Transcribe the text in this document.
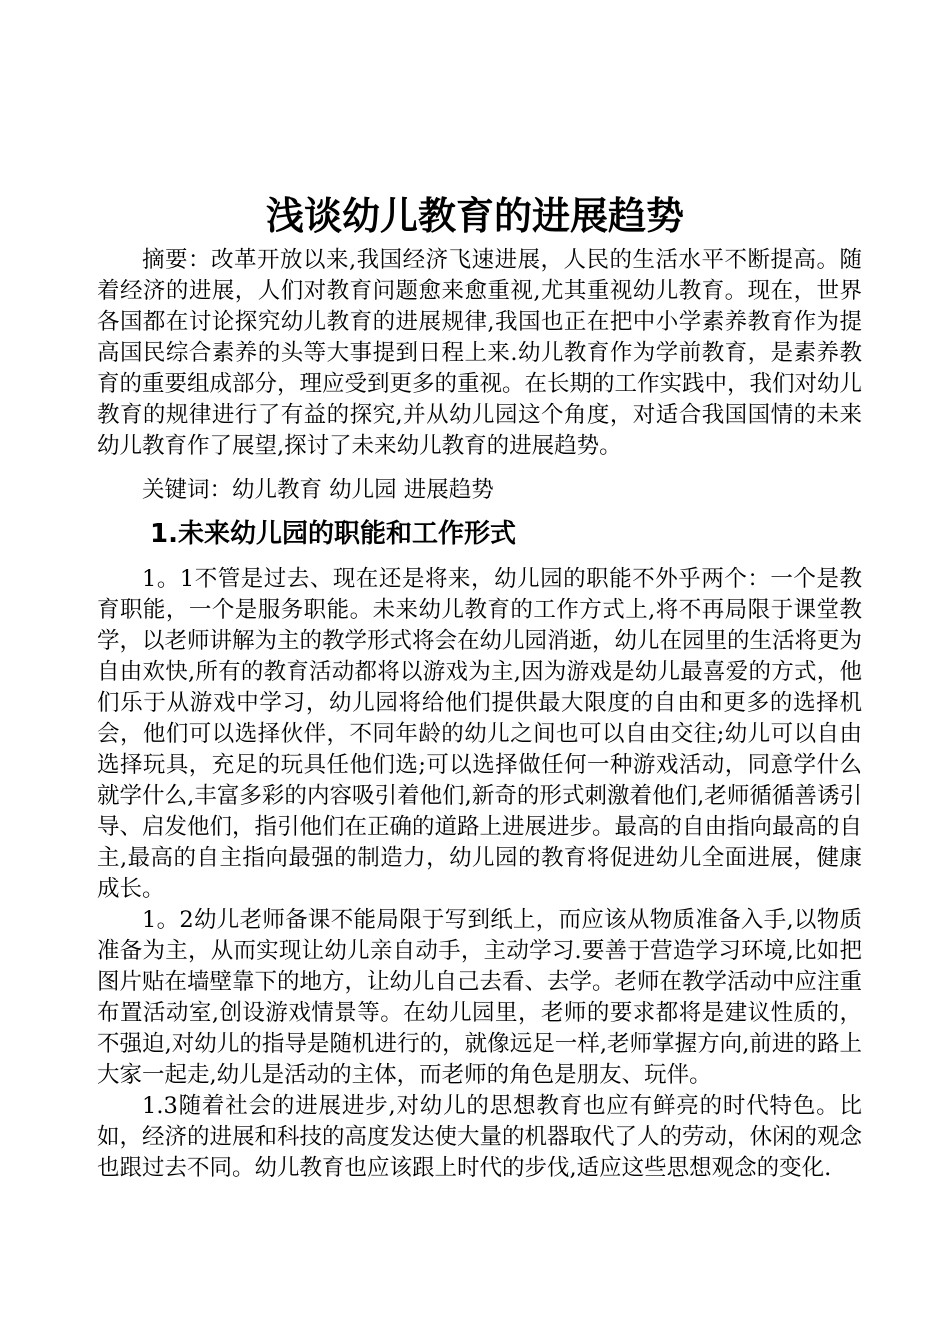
浅谈幼儿教育的进展趋势

摘要：改革开放以来,我国经济飞速进展，人民的生活水平不断提高。随着经济的进展，人们对教育问题愈来愈重视,尤其重视幼儿教育。现在，世界各国都在讨论探究幼儿教育的进展规律,我国也正在把中小学素养教育作为提高国民综合素养的头等大事提到日程上来.幼儿教育作为学前教育，是素养教育的重要组成部分，理应受到更多的重视。在长期的工作实践中，我们对幼儿教育的规律进行了有益的探究,并从幼儿园这个角度，对适合我国国情的未来幼儿教育作了展望,探讨了未来幼儿教育的进展趋势。

关键词：幼儿教育 幼儿园 进展趋势

1.未来幼儿园的职能和工作形式

1。1不管是过去、现在还是将来，幼儿园的职能不外乎两个：一个是教育职能，一个是服务职能。未来幼儿教育的工作方式上,将不再局限于课堂教学，以老师讲解为主的教学形式将会在幼儿园消逝，幼儿在园里的生活将更为自由欢快,所有的教育活动都将以游戏为主,因为游戏是幼儿最喜爱的方式，他们乐于从游戏中学习，幼儿园将给他们提供最大限度的自由和更多的选择机会，他们可以选择伙伴，不同年龄的幼儿之间也可以自由交往;幼儿可以自由选择玩具，充足的玩具任他们选;可以选择做任何一种游戏活动，同意学什么就学什么,丰富多彩的内容吸引着他们,新奇的形式刺激着他们,老师循循善诱引导、启发他们，指引他们在正确的道路上进展进步。最高的自由指向最高的自主,最高的自主指向最强的制造力，幼儿园的教育将促进幼儿全面进展，健康成长。

1。2幼儿老师备课不能局限于写到纸上，而应该从物质准备入手,以物质准备为主，从而实现让幼儿亲自动手，主动学习.要善于营造学习环境,比如把图片贴在墙壁靠下的地方，让幼儿自己去看、去学。老师在教学活动中应注重布置活动室,创设游戏情景等。在幼儿园里，老师的要求都将是建议性质的，不强迫,对幼儿的指导是随机进行的，就像远足一样,老师掌握方向,前进的路上大家一起走,幼儿是活动的主体，而老师的角色是朋友、玩伴。

1.3随着社会的进展进步,对幼儿的思想教育也应有鲜亮的时代特色。比如，经济的进展和科技的高度发达使大量的机器取代了人的劳动，休闲的观念也跟过去不同。幼儿教育也应该跟上时代的步伐,适应这些思想观念的变化.
